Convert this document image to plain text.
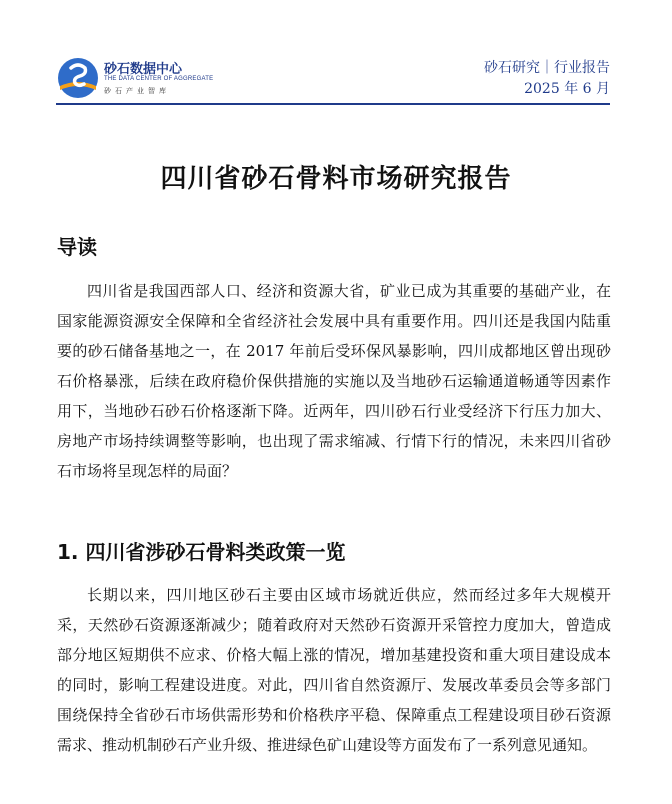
砂石数据中心
THE DATA CENTER OF AGGREGATE
砂石产业智库
砂石研究｜行业报告
2025 年 6 月
四川省砂石骨料市场研究报告
导读
四川省是我国西部人口、经济和资源大省，矿业已成为其重要的基础产业，在国家能源资源安全保障和全省经济社会发展中具有重要作用。四川还是我国内陆重要的砂石储备基地之一，在 2017 年前后受环保风暴影响，四川成都地区曾出现砂石价格暴涨，后续在政府稳价保供措施的实施以及当地砂石运输通道畅通等因素作用下，当地砂石砂石价格逐渐下降。近两年，四川砂石行业受经济下行压力加大、房地产市场持续调整等影响，也出现了需求缩减、行情下行的情况，未来四川省砂石市场将呈现怎样的局面？
1. 四川省涉砂石骨料类政策一览
长期以来，四川地区砂石主要由区域市场就近供应，然而经过多年大规模开采，天然砂石资源逐渐减少；随着政府对天然砂石资源开采管控力度加大，曾造成部分地区短期供不应求、价格大幅上涨的情况，增加基建投资和重大项目建设成本的同时，影响工程建设进度。对此，四川省自然资源厅、发展改革委员会等多部门围绕保持全省砂石市场供需形势和价格秩序平稳、保障重点工程建设项目砂石资源需求、推动机制砂石产业升级、推进绿色矿山建设等方面发布了一系列意见通知。
